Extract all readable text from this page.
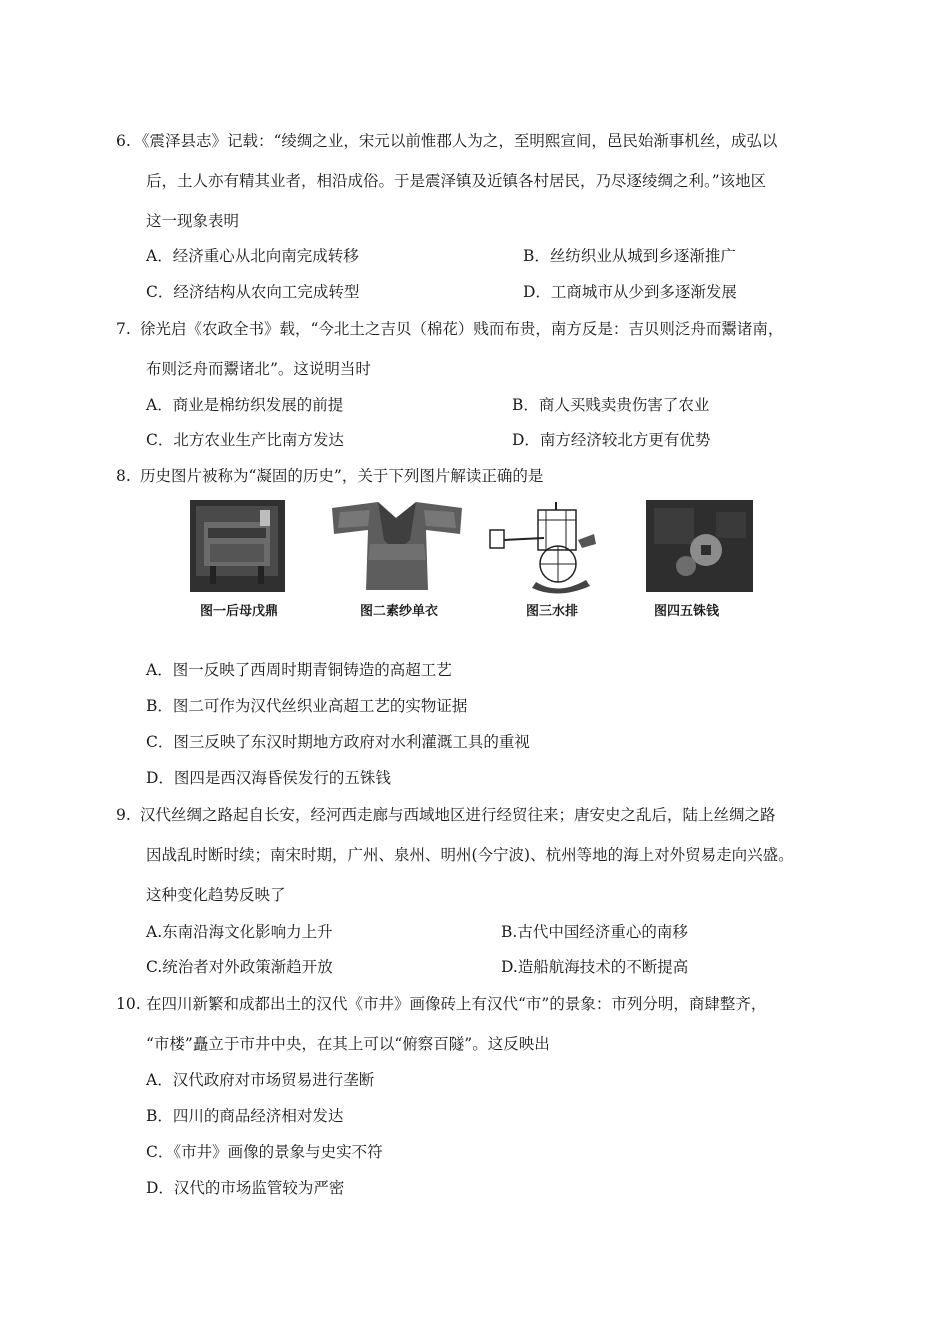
6. 《震泽县志》记载：“绫绸之业，宋元以前惟郡人为之，至明熙宣间，邑民始渐事机丝，成弘以
后，土人亦有精其业者，相沿成俗。于是震泽镇及近镇各村居民，乃尽逐绫绸之利。”该地区
这一现象表明
A．经济重心从北向南完成转移	B．丝纺织业从城到乡逐渐推广
C．经济结构从农向工完成转型	D．工商城市从少到多逐渐发展
7. 徐光启《农政全书》载，“今北土之吉贝（棉花）贱而布贵，南方反是：吉贝则泛舟而鬻诸南，
布则泛舟而鬻诸北”。这说明当时
A．商业是棉纺织发展的前提	B．商人买贱卖贵伤害了农业
C．北方农业生产比南方发达	D．南方经济较北方更有优势
8. 历史图片被称为“凝固的历史”，关于下列图片解读正确的是
图一后母戊鼎	图二素纱单衣	图三水排	图四五铢钱
A．图一反映了西周时期青铜铸造的高超工艺
B．图二可作为汉代丝织业高超工艺的实物证据
C．图三反映了东汉时期地方政府对水利灌溉工具的重视
D．图四是西汉海昏侯发行的五铢钱
9. 汉代丝绸之路起自长安，经河西走廊与西域地区进行经贸往来；唐安史之乱后，陆上丝绸之路
因战乱时断时续；南宋时期，广州、泉州、明州(今宁波)、杭州等地的海上对外贸易走向兴盛。
这种变化趋势反映了
A.东南沿海文化影响力上升	B.古代中国经济重心的南移
C.统治者对外政策渐趋开放	D.造船航海技术的不断提高
10. 在四川新繁和成都出土的汉代《市井》画像砖上有汉代“市”的景象：市列分明，商肆整齐，
“市楼”矗立于市井中央，在其上可以“俯察百隧”。这反映出
A．汉代政府对市场贸易进行垄断
B．四川的商品经济相对发达
C．《市井》画像的景象与史实不符
D．汉代的市场监管较为严密
